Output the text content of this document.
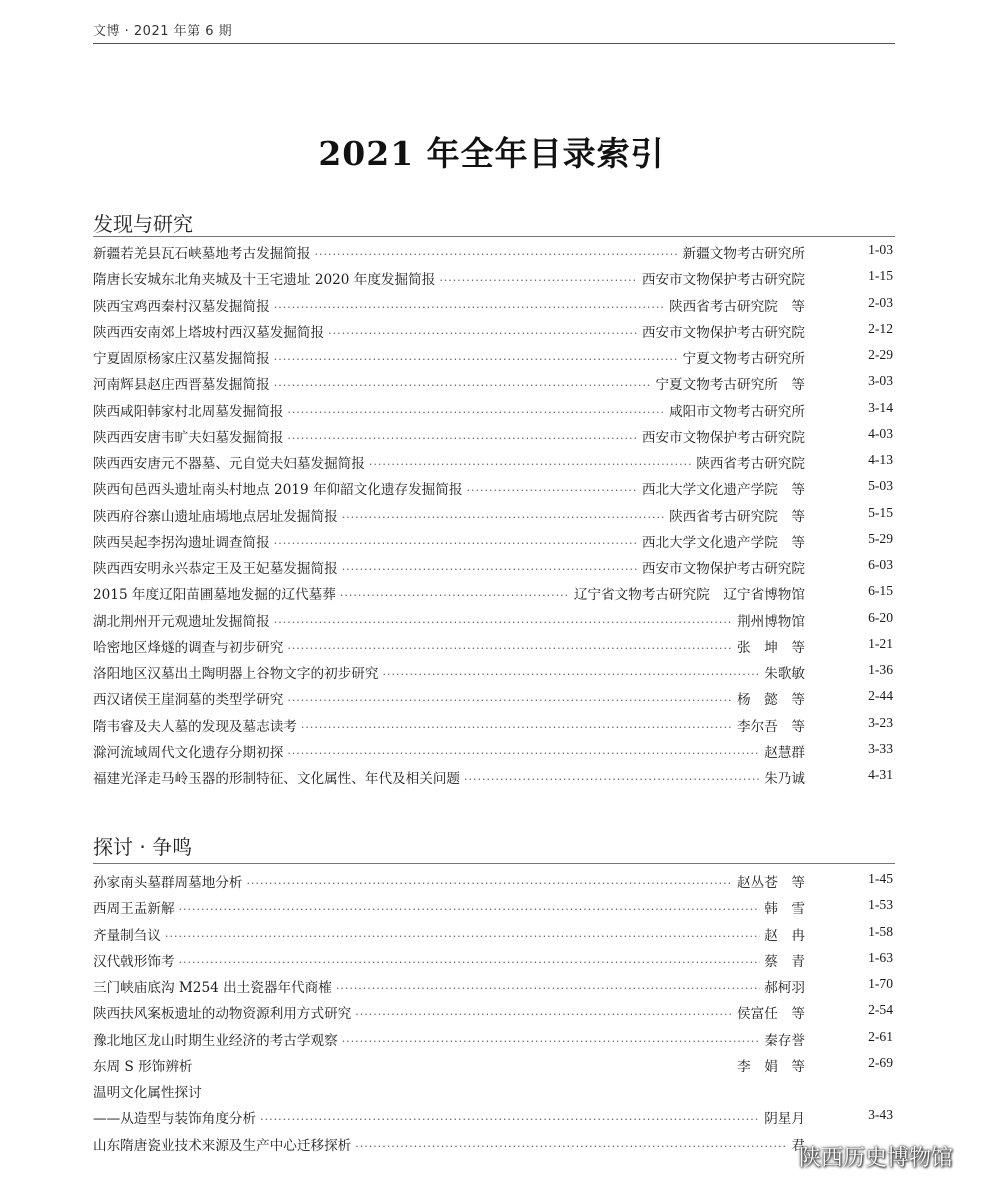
文博 · 2021 年第 6 期
2021 年全年目录索引
发现与研究
新疆若羌县瓦石峡墓地考古发掘简报 ·····	新疆文物考古研究所	1-03
隋唐长安城东北角夹城及十王宅遗址 2020 年度发掘简报 ·····	西安市文物保护考古研究院	1-15
陕西宝鸡西秦村汉墓发掘简报 ·····	陕西省考古研究院　等	2-03
陕西西安南郊上塔坡村西汉墓发掘简报 ·····	西安市文物保护考古研究院	2-12
宁夏固原杨家庄汉墓发掘简报 ·····	宁夏文物考古研究所	2-29
河南辉县赵庄西晋墓发掘简报 ·····	宁夏文物考古研究所　等	3-03
陕西咸阳韩家村北周墓发掘简报 ·····	咸阳市文物考古研究所	3-14
陕西西安唐韦旷夫妇墓发掘简报 ·····	西安市文物保护考古研究院	4-03
陕西西安唐元不器墓、元自觉夫妇墓发掘简报 ·····	陕西省考古研究院	4-13
陕西旬邑西头遗址南头村地点 2019 年仰韶文化遗存发掘简报 ·····	西北大学文化遗产学院　等	5-03
陕西府谷寨山遗址庙墕地点居址发掘简报 ·····	陕西省考古研究院　等	5-15
陕西吴起李拐沟遗址调查简报 ·····	西北大学文化遗产学院　等	5-29
陕西西安明永兴恭定王及王妃墓发掘简报 ·····	西安市文物保护考古研究院	6-03
2015 年度辽阳苗圃墓地发掘的辽代墓葬 ·····	辽宁省文物考古研究院　辽宁省博物馆	6-15
湖北荆州开元观遗址发掘简报 ·····	荆州博物馆	6-20
哈密地区烽燧的调查与初步研究 ·····	张　坤　等	1-21
洛阳地区汉墓出土陶明器上谷物文字的初步研究 ·····	朱歌敏	1-36
西汉诸侯王崖洞墓的类型学研究 ·····	杨　懿　等	2-44
隋韦睿及夫人墓的发现及墓志读考 ·····	李尔吾　等	3-23
滁河流域周代文化遗存分期初探 ·····	赵慧群	3-33
福建光泽走马岭玉器的形制特征、文化属性、年代及相关问题 ·····	朱乃诚	4-31
探讨 · 争鸣
孙家南头墓群周墓地分析 ·····	赵丛苍　等	1-45
西周王盂新解 ·····	韩　雪	1-53
齐量制刍议 ·····	赵　冉	1-58
汉代戟形饰考 ·····	蔡　青	1-63
三门峡庙底沟 M254 出土瓷器年代商榷 ·····	郝柯羽	1-70
陕西扶风案板遗址的动物资源利用方式研究 ·····	侯富任　等	2-54
豫北地区龙山时期生业经济的考古学观察 ·····	秦存誉	2-61
东周 S 形饰辨析	李　娟　等	2-69
温明文化属性探讨
——从造型与装饰角度分析 ·····	阴星月	3-43
山东隋唐瓷业技术来源及生产中心迁移探析 ·····	君
陕西历史博物馆
